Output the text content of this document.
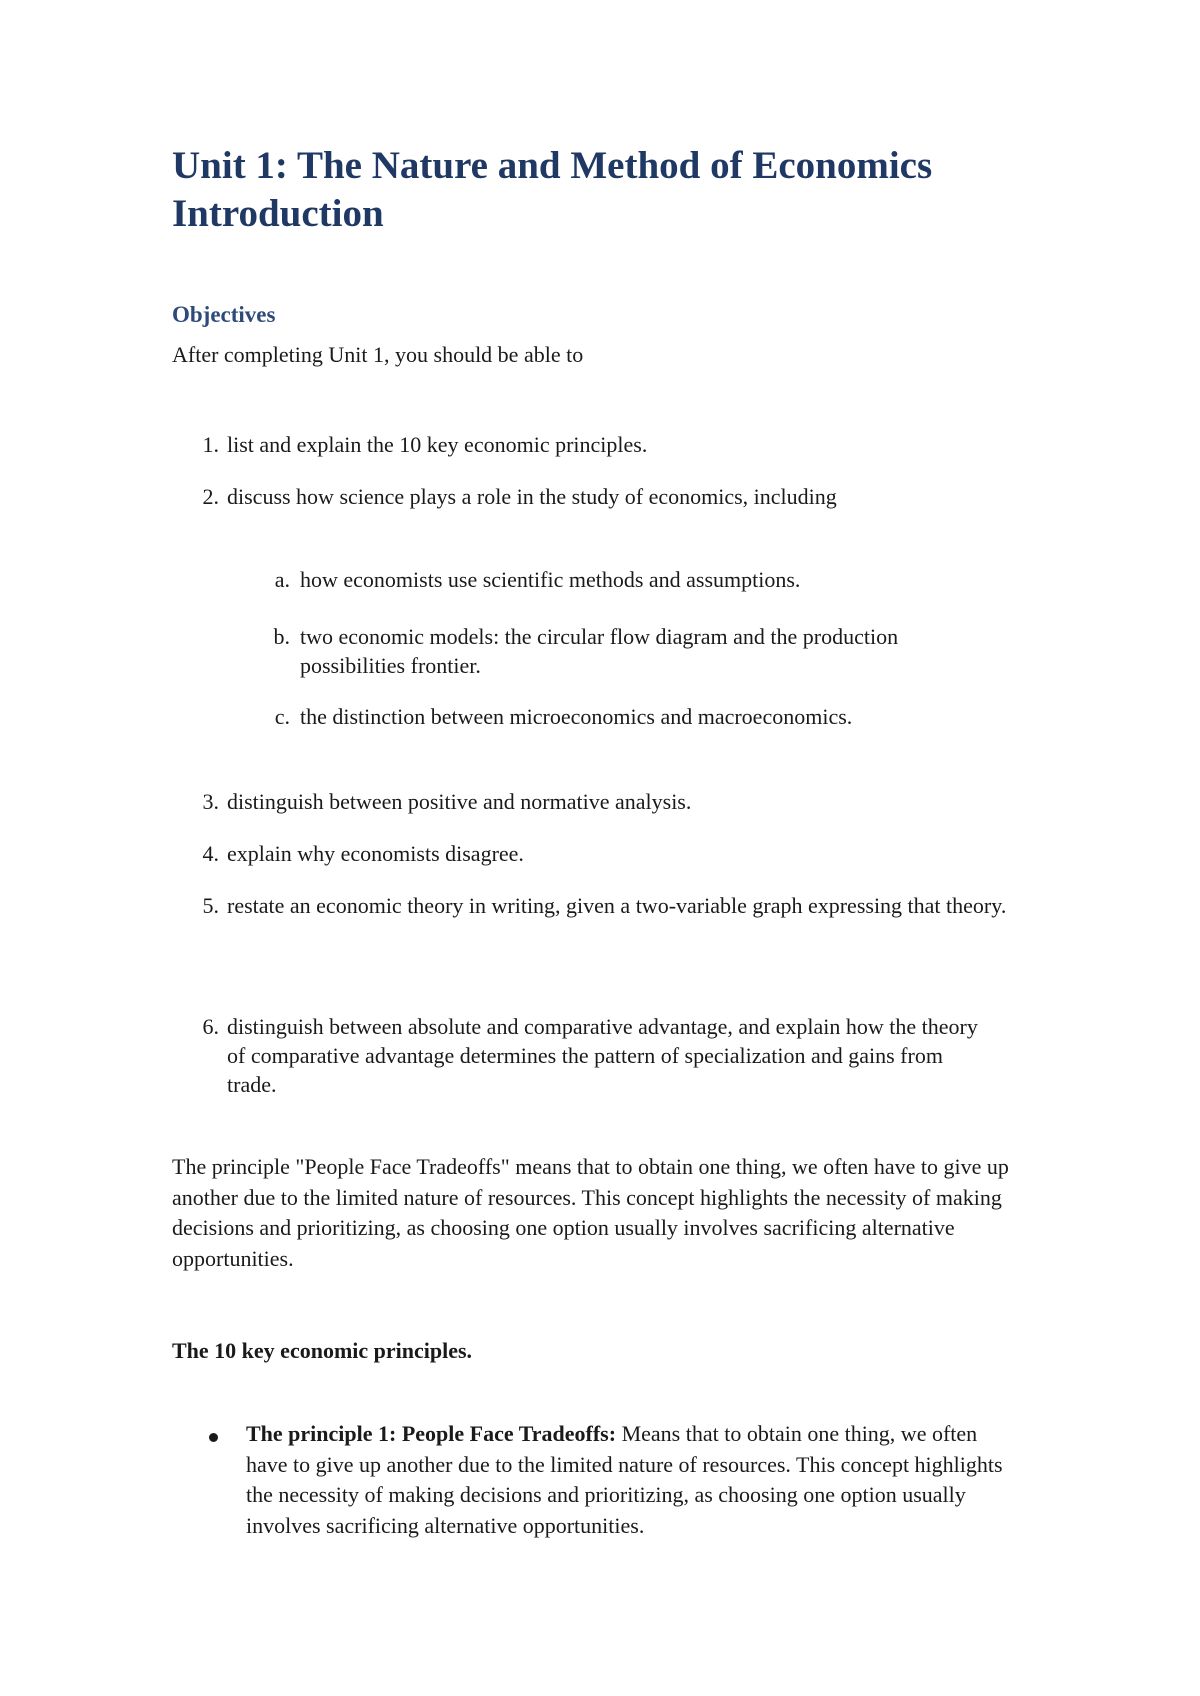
Unit 1: The Nature and Method of Economics
Introduction
Objectives

After completing Unit 1, you should be able to

1. list and explain the 10 key economic principles.
2. discuss how science plays a role in the study of economics, including
a. how economists use scientific methods and assumptions.
b. two economic models: the circular flow diagram and the production possibilities frontier.
c. the distinction between microeconomics and macroeconomics.
3. distinguish between positive and normative analysis.
4. explain why economists disagree.
5. restate an economic theory in writing, given a two-variable graph expressing that theory.
6. distinguish between absolute and comparative advantage, and explain how the theory of comparative advantage determines the pattern of specialization and gains from trade.

The principle "People Face Tradeoffs" means that to obtain one thing, we often have to give up another due to the limited nature of resources. This concept highlights the necessity of making decisions and prioritizing, as choosing one option usually involves sacrificing alternative opportunities.

The 10 key economic principles.

The principle 1: People Face Tradeoffs: Means that to obtain one thing, we often have to give up another due to the limited nature of resources. This concept highlights the necessity of making decisions and prioritizing, as choosing one option usually involves sacrificing alternative opportunities.
